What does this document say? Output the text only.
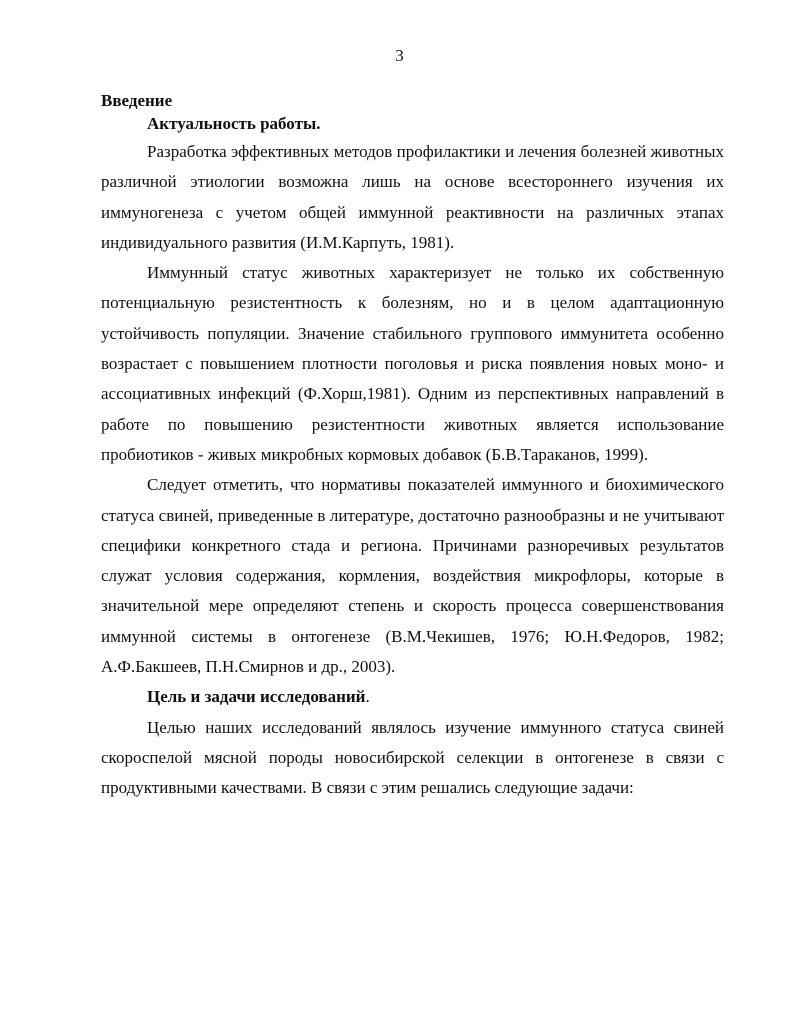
3

Введение

Актуальность работы.

Разработка эффективных методов профилактики и лечения болезней животных различной этиологии возможна лишь на основе всестороннего изучения их иммуногенеза с учетом общей иммунной реактивности на различных этапах индивидуального развития (И.М.Карпуть, 1981).

Иммунный статус животных характеризует не только их собственную потенциальную резистентность к болезням, но и в целом адаптационную устойчивость популяции. Значение стабильного группового иммунитета особенно возрастает с повышением плотности поголовья и риска появления новых моно- и ассоциативных инфекций (Ф.Хорш,1981). Одним из перспективных направлений в работе по повышению резистентности животных является использование пробиотиков - живых микробных кормовых добавок (Б.В.Тараканов, 1999).

Следует отметить, что нормативы показателей иммунного и биохимического статуса свиней, приведенные в литературе, достаточно разнообразны и не учитывают специфики конкретного стада и региона. Причинами разноречивых результатов служат условия содержания, кормления, воздействия микрофлоры, которые в значительной мере определяют степень и скорость процесса совершенствования иммунной системы в онтогенезе (В.М.Чекишев, 1976; Ю.Н.Федоров, 1982; А.Ф.Бакшеев, П.Н.Смирнов и др., 2003).

Цель и задачи исследований.

Целью наших исследований являлось изучение иммунного статуса свиней скороспелой мясной породы новосибирской селекции в онтогенезе в связи с продуктивными качествами. В связи с этим решались следующие задачи:
